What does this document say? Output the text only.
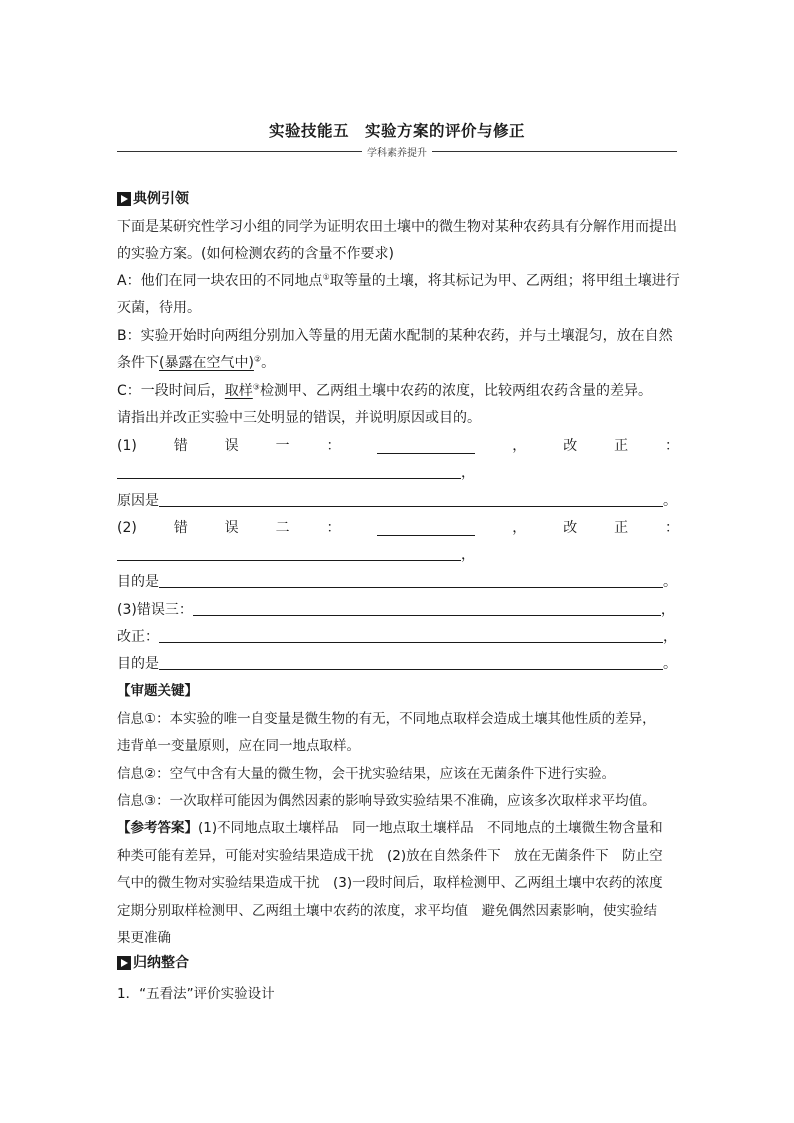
实验技能五　实验方案的评价与修正
学科素养提升
典例引领
下面是某研究性学习小组的同学为证明农田土壤中的微生物对某种农药具有分解作用而提出
的实验方案。(如何检测农药的含量不作要求)
A：他们在同一块农田的不同地点①取等量的土壤，将其标记为甲、乙两组；将甲组土壤进行
灭菌，待用。
B：实验开始时向两组分别加入等量的用无菌水配制的某种农药，并与土壤混匀，放在自然
条件下(暴露在空气中)②。
C：一段时间后，取样③检测甲、乙两组土壤中农药的浓度，比较两组农药含量的差异。
请指出并改正实验中三处明显的错误，并说明原因或目的。
(1)	错	误	一	：	，	改	正	：
，
原因是	。
(2)	错	误	二	：	，	改	正	：
，
目的是	。
(3)错误三：	，
改正：	，
目的是	。
【审题关键】
信息①：本实验的唯一自变量是微生物的有无，不同地点取样会造成土壤其他性质的差异，
违背单一变量原则，应在同一地点取样。
信息②：空气中含有大量的微生物，会干扰实验结果，应该在无菌条件下进行实验。
信息③：一次取样可能因为偶然因素的影响导致实验结果不准确，应该多次取样求平均值。
【参考答案】(1)不同地点取土壤样品　同一地点取土壤样品　不同地点的土壤微生物含量和
种类可能有差异，可能对实验结果造成干扰　(2)放在自然条件下　放在无菌条件下　防止空
气中的微生物对实验结果造成干扰　(3)一段时间后，取样检测甲、乙两组土壤中农药的浓度
定期分别取样检测甲、乙两组土壤中农药的浓度，求平均值　避免偶然因素影响，使实验结
果更准确
归纳整合
1．“五看法”评价实验设计
